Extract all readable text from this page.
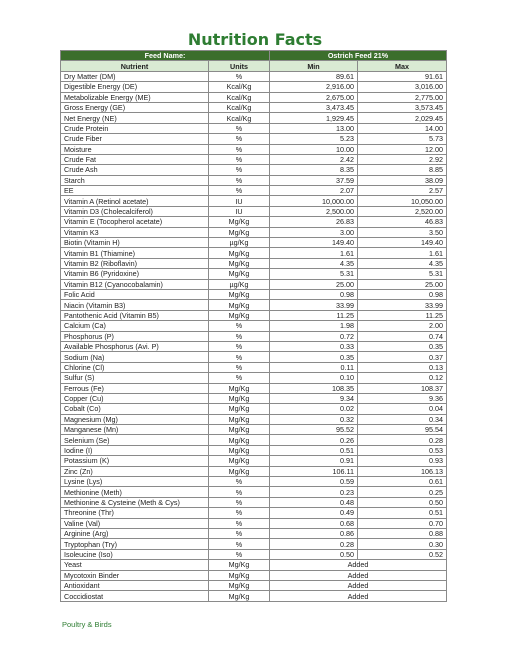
Nutrition Facts
Feed Name:		Ostrich Feed 21%	
Nutrient	Units	Min	Max
Dry Matter (DM)	%	89.61	91.61
Digestible Energy (DE)	Kcal/Kg	2,916.00	3,016.00
Metabolizable Energy (ME)	Kcal/Kg	2,675.00	2,775.00
Gross Energy (GE)	Kcal/Kg	3,473.45	3,573.45
Net Energy (NE)	Kcal/Kg	1,929.45	2,029.45
Crude Protein	%	13.00	14.00
Crude Fiber	%	5.23	5.73
Moisture	%	10.00	12.00
Crude Fat	%	2.42	2.92
Crude Ash	%	8.35	8.85
Starch	%	37.59	38.09
EE	%	2.07	2.57
Vitamin A (Retinol acetate)	IU	10,000.00	10,050.00
Vitamin D3 (Cholecalciferol)	IU	2,500.00	2,520.00
Vitamin E (Tocopherol acetate)	Mg/Kg	26.83	46.83
Vitamin K3	Mg/Kg	3.00	3.50
Biotin (Vitamin H)	µg/Kg	149.40	149.40
Vitamin B1 (Thiamine)	Mg/Kg	1.61	1.61
Vitamin B2 (Riboflavin)	Mg/Kg	4.35	4.35
Vitamin B6 (Pyridoxine)	Mg/Kg	5.31	5.31
Vitamin B12 (Cyanocobalamin)	µg/Kg	25.00	25.00
Folic Acid	Mg/Kg	0.98	0.98
Niacin (Vitamin B3)	Mg/Kg	33.99	33.99
Pantothenic Acid (Vitamin B5)	Mg/Kg	11.25	11.25
Calcium (Ca)	%	1.98	2.00
Phosphorus (P)	%	0.72	0.74
Available Phosphorus (Avi. P)	%	0.33	0.35
Sodium (Na)	%	0.35	0.37
Chlorine (Cl)	%	0.11	0.13
Sulfur (S)	%	0.10	0.12
Ferrous (Fe)	Mg/Kg	108.35	108.37
Copper (Cu)	Mg/Kg	9.34	9.36
Cobalt (Co)	Mg/Kg	0.02	0.04
Magnesium (Mg)	Mg/Kg	0.32	0.34
Manganese (Mn)	Mg/Kg	95.52	95.54
Selenium (Se)	Mg/Kg	0.26	0.28
Iodine (I)	Mg/Kg	0.51	0.53
Potassium (K)	Mg/Kg	0.91	0.93
Zinc (Zn)	Mg/Kg	106.11	106.13
Lysine (Lys)	%	0.59	0.61
Methionine (Meth)	%	0.23	0.25
Methionine & Cysteine (Meth & Cys)	%	0.48	0.50
Threonine (Thr)	%	0.49	0.51
Valine (Val)	%	0.68	0.70
Arginine (Arg)	%	0.86	0.88
Tryptophan (Try)	%	0.28	0.30
Isoleucine (Iso)	%	0.50	0.52
Yeast	Mg/Kg	Added	
Mycotoxin Binder	Mg/Kg	Added	
Antioxidant	Mg/Kg	Added	
Coccidiostat	Mg/Kg	Added	
Poultry & Birds
